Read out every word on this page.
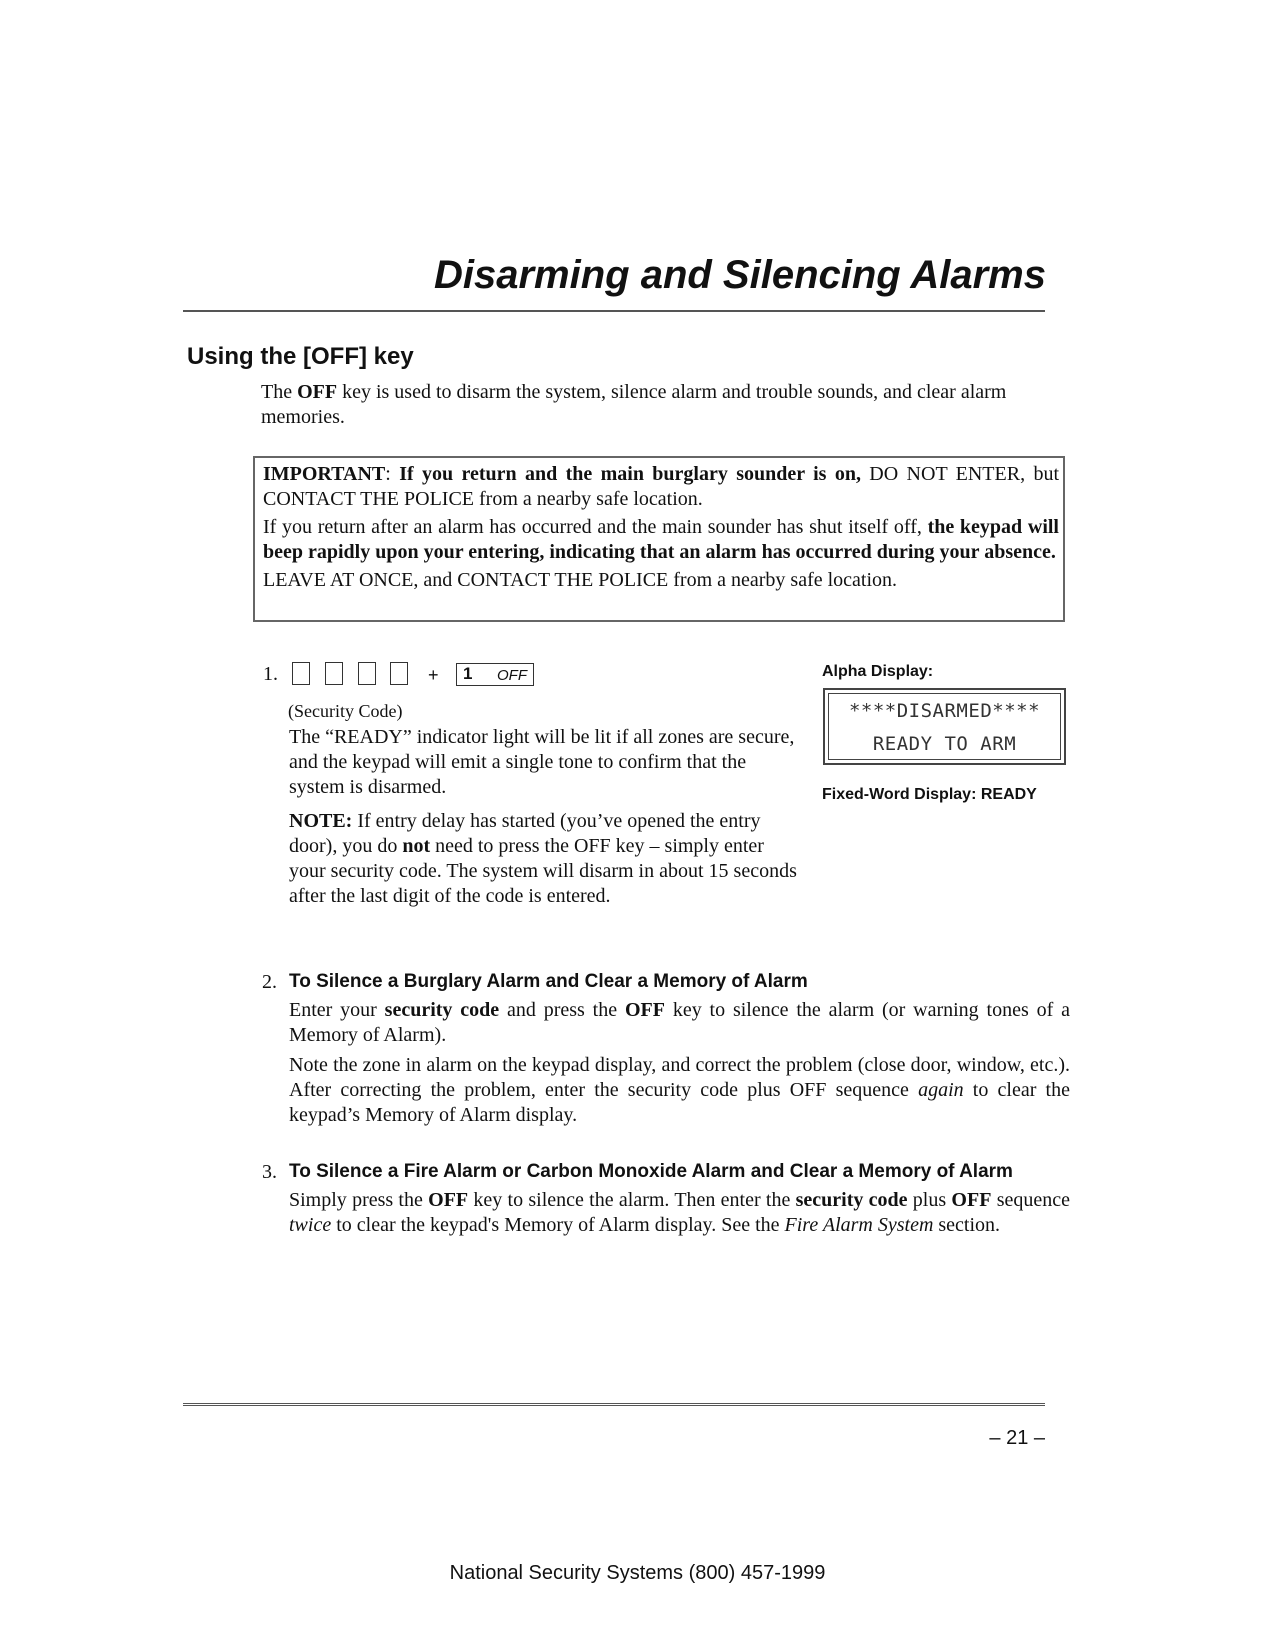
Disarming and Silencing Alarms
Using the [OFF] key
The OFF key is used to disarm the system, silence alarm and trouble sounds, and clear alarm memories.

IMPORTANT: If you return and the main burglary sounder is on, DO NOT ENTER, but CONTACT THE POLICE from a nearby safe location.

If you return after an alarm has occurred and the main sounder has shut itself off, the keypad will beep rapidly upon your entering, indicating that an alarm has occurred during your absence.

LEAVE AT ONCE, and CONTACT THE POLICE from a nearby safe location.

1.	+ 1 OFF
(Security Code)

The “READY” indicator light will be lit if all zones are secure, and the keypad will emit a single tone to confirm that the system is disarmed.

NOTE: If entry delay has started (you’ve opened the entry door), you do not need to press the OFF key – simply enter your security code. The system will disarm in about 15 seconds after the last digit of the code is entered.

Alpha Display:
****DISARMED****
READY TO ARM
Fixed-Word Display: READY
2. To Silence a Burglary Alarm and Clear a Memory of Alarm

Enter your security code and press the OFF key to silence the alarm (or warning tones of a Memory of Alarm).

Note the zone in alarm on the keypad display, and correct the problem (close door, window, etc.). After correcting the problem, enter the security code plus OFF sequence again to clear the keypad’s Memory of Alarm display.

3. To Silence a Fire Alarm or Carbon Monoxide Alarm and Clear a Memory of Alarm

Simply press the OFF key to silence the alarm. Then enter the security code plus OFF sequence twice to clear the keypad's Memory of Alarm display. See the Fire Alarm System section.

– 21 –
National Security Systems (800) 457-1999
